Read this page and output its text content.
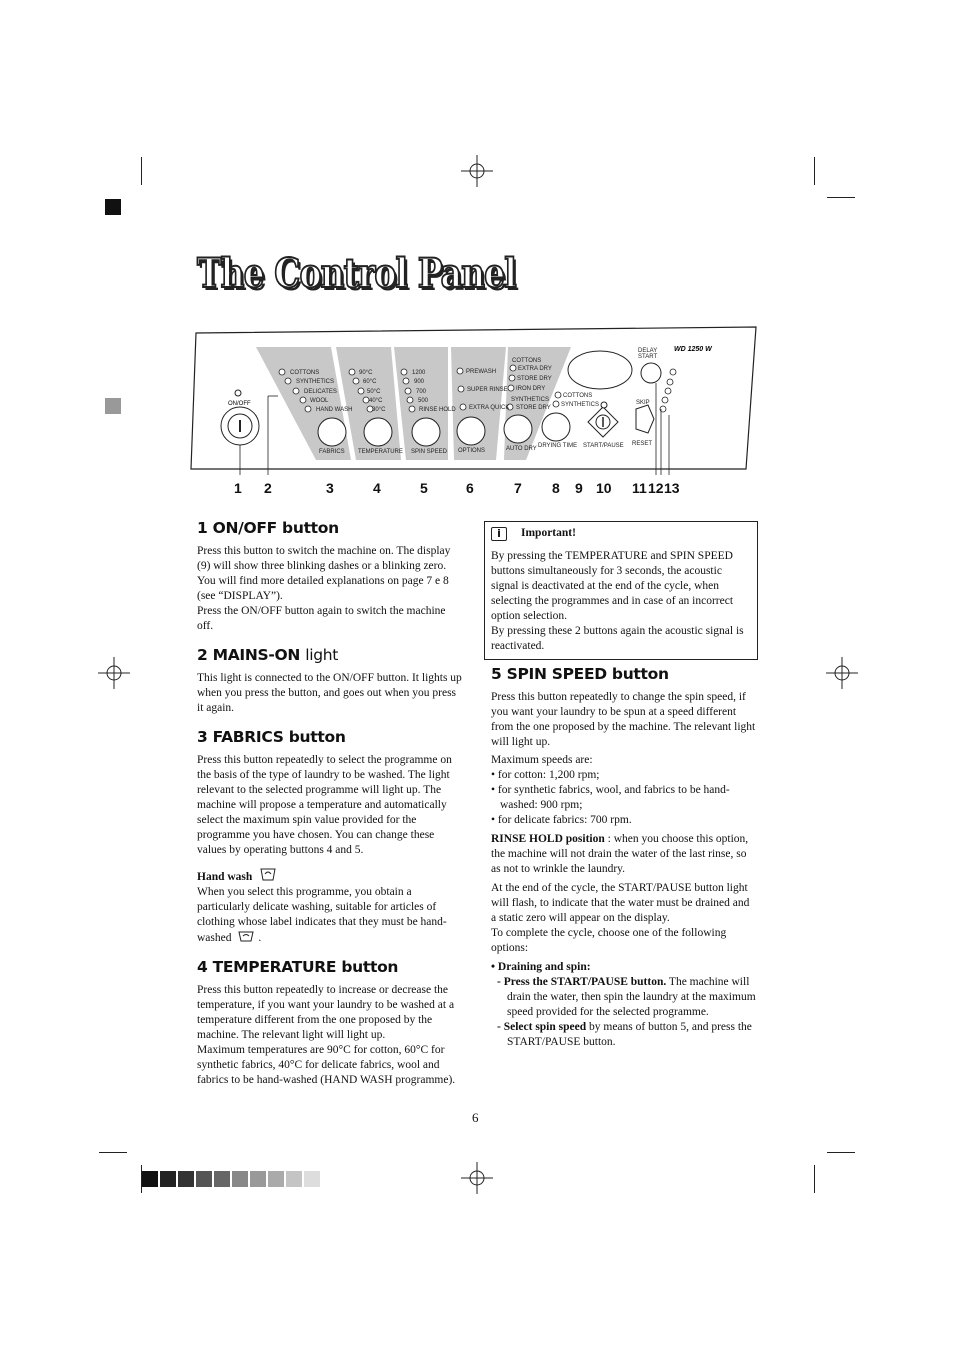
The Control Panel
ON/OFF
COTTONS
SYNTHETICS
DELICATES
WOOL
HAND WASH
90°C
60°C
50°C
40°C
30°C
1200
900
700
500
RINSE HOLD
PREWASH
SUPER RINSE
EXTRA QUICK
COTTONS
EXTRA DRY
STORE DRY
IRON DRY
SYNTHETICS
STORE DRY
COTTONS
SYNTHETICS
DELAY
START
SKIP
FABRICS TEMPERATURE SPIN SPEED OPTIONS	AUTO DRY DRYING TIME START/PAUSE RESET
WD 1250 W
1 2	3	4	5	6	7 8 9 10 11 12 13
1 ON/OFF button

Press this button to switch the machine on. The display (9) will show three blinking dashes or a blinking zero. You will find more detailed explanations on page 7 e 8 (see “DISPLAY”).

Press the ON/OFF button again to switch the machine off.

2 MAINS-ON light

This light is connected to the ON/OFF button. It lights up when you press the button, and goes out when you press it again.

3 FABRICS button

Press this button repeatedly to select the programme on the basis of the type of laundry to be washed. The light relevant to the selected programme will light up. The machine will propose a temperature and automatically select the maximum spin value provided for the programme you have chosen. You can change these values by operating buttons 4 and 5.

Hand wash

When you select this programme, you obtain a particularly delicate washing, suitable for articles of clothing whose label indicates that they must be hand-washed .

4 TEMPERATURE button

Press this button repeatedly to increase or decrease the temperature, if you want your laundry to be washed at a temperature different from the one proposed by the machine. The relevant light will light up.

Maximum temperatures are 90°C for cotton, 60°C for synthetic fabrics, 40°C for delicate fabrics, wool and fabrics to be hand-washed (HAND WASH programme).

i	Important!

By pressing the TEMPERATURE and SPIN SPEED buttons simultaneously for 3 seconds, the acoustic signal is deactivated at the end of the cycle, when selecting the programmes and in case of an incorrect option selection.

By pressing these 2 buttons again the acoustic signal is reactivated.

5 SPIN SPEED button

Press this button repeatedly to change the spin speed, if you want your laundry to be spun at a speed different from the one proposed by the machine. The relevant light will light up.

Maximum speeds are:

• for cotton: 1,200 rpm;

• for synthetic fabrics, wool, and fabrics to be hand-washed: 900 rpm;

• for delicate fabrics: 700 rpm.

RINSE HOLD position : when you choose this option, the machine will not drain the water of the last rinse, so as not to wrinkle the laundry.

At the end of the cycle, the START/PAUSE button light will flash, to indicate that the water must be drained and a static zero will appear on the display.

To complete the cycle, choose one of the following options:

• Draining and spin:

- Press the START/PAUSE button. The machine will drain the water, then spin the laundry at the maximum speed provided for the selected programme.

- Select spin speed by means of button 5, and press the START/PAUSE button.

6
